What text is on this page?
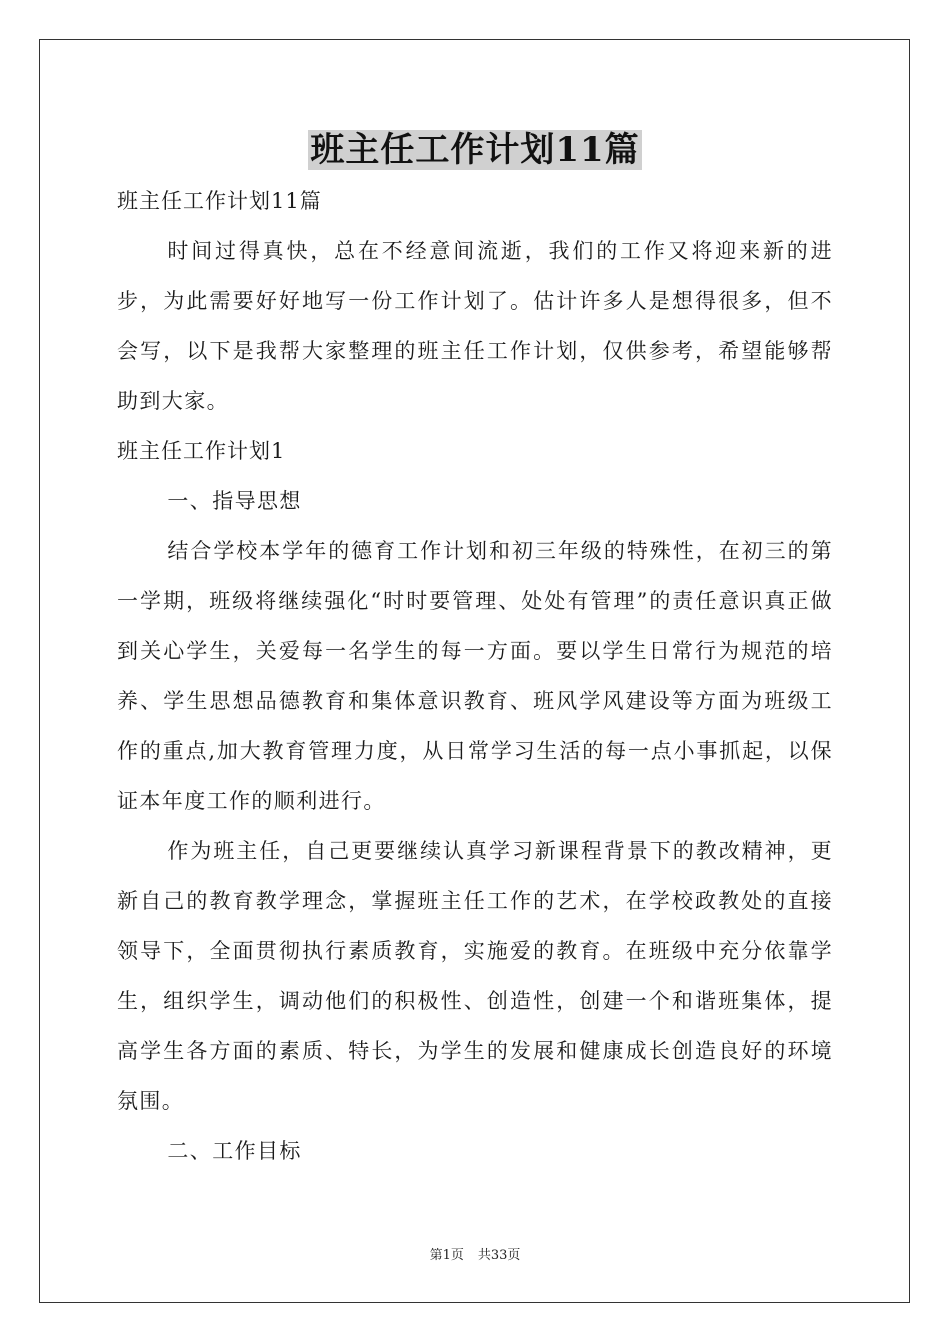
班主任工作计划11篇

班主任工作计划11篇

时间过得真快，总在不经意间流逝，我们的工作又将迎来新的进步，为此需要好好地写一份工作计划了。估计许多人是想得很多，但不会写，以下是我帮大家整理的班主任工作计划，仅供参考，希望能够帮助到大家。

班主任工作计划1

一、指导思想

结合学校本学年的德育工作计划和初三年级的特殊性，在初三的第一学期，班级将继续强化“时时要管理、处处有管理”的责任意识真正做到关心学生，关爱每一名学生的每一方面。要以学生日常行为规范的培养、学生思想品德教育和集体意识教育、班风学风建设等方面为班级工作的重点,加大教育管理力度，从日常学习生活的每一点小事抓起，以保证本年度工作的顺利进行。

作为班主任，自己更要继续认真学习新课程背景下的教改精神，更新自己的教育教学理念，掌握班主任工作的艺术，在学校政教处的直接领导下，全面贯彻执行素质教育，实施爱的教育。在班级中充分依靠学生，组织学生，调动他们的积极性、创造性，创建一个和谐班集体，提高学生各方面的素质、特长，为学生的发展和健康成长创造良好的环境氛围。

二、工作目标

第1页 共33页
